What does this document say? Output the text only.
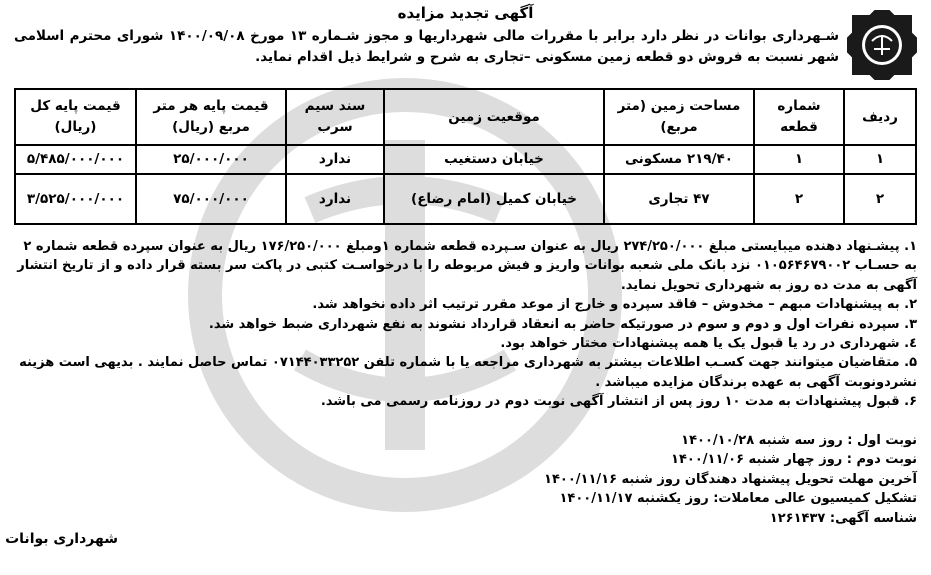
آگهی تجدید مزایده
شـهرداری بوانات در نظر دارد برابر با مقررات مالی شهرداریها و مجوز شـماره ۱۳ مورخ ۱۴۰۰/۰۹/۰۸ شورای محترم اسلامی شهر نسبت به فروش دو قطعه زمین مسکونی –تجاری به شرح و شرایط ذیل اقدام نماید.
ردیف	شماره قطعه	مساحت زمین (متر مربع)	موقعیت زمین	سند سیم سرب	قیمت پایه هر متر مربع (ریال)	قیمت پایه کل (ریال)
۱	۱	۲۱۹/۴۰ مسکونی	خیابان دستغیب	ندارد	۲۵/۰۰۰/۰۰۰	۵/۴۸۵/۰۰۰/۰۰۰
۲	۲	۴۷ تجاری	خیابان کمیل (امام رضاع)	ندارد	۷۵/۰۰۰/۰۰۰	۳/۵۲۵/۰۰۰/۰۰۰

۱. پیشـنهاد دهنده میبایستی مبلغ ۲۷۴/۲۵۰/۰۰۰ ریال به عنوان سـپرده قطعه شماره ۱ومبلغ ۱۷۶/۲۵۰/۰۰۰ ریال به عنوان سپرده قطعه شماره ۲ به حسـاب ۰۱۰۵۶۴۶۷۹۰۰۲ نزد بانک ملی شعبه بوانات واریز و فیش مربوطه را با درخواسـت کتبی در پاکت سر بسته قرار داده و از تاریخ انتشار آگهی به مدت ده روز به شهرداری تحویل نماید.

۲. به پیشنهادات مبهم – مخدوش – فاقد سپرده و خارج از موعد مقرر ترتیب اثر داده نخواهد شد.

۳. سپرده نفرات اول و دوم و سوم در صورتیکه حاضر به انعقاد قرارداد نشوند به نفع شهرداری ضبط خواهد شد.

٤. شهرداری در رد یا قبول یک یا همه پیشنهادات مختار خواهد بود.

۵. متقاضیان میتوانند جهت کسـب اطلاعات بیشتر به شهرداری مراجعه یا با شماره تلفن ۰۷۱۴۴۰۳۳۲۵۲ تماس حاصل نمایند . بدیهی است هزینه نشردونوبت آگهی به عهده برندگان مزایده میباشد .

۶. قبول پیشنهادات به مدت ۱۰ روز پس از انتشار آگهی نوبت دوم در روزنامه رسمی می باشد.

نوبت اول : روز سه شنبه ۱۴۰۰/۱۰/۲۸

نوبت دوم : روز چهار شنبه ۱۴۰۰/۱۱/۰۶

آخرین مهلت تحویل پیشنهاد دهندگان روز شنبه ۱۴۰۰/۱۱/۱۶

تشکیل کمیسیون عالی معاملات: روز یکشنبه ۱۴۰۰/۱۱/۱۷

شناسه آگهی: ۱۲۶۱۴۳۷

شهرداری بوانات
